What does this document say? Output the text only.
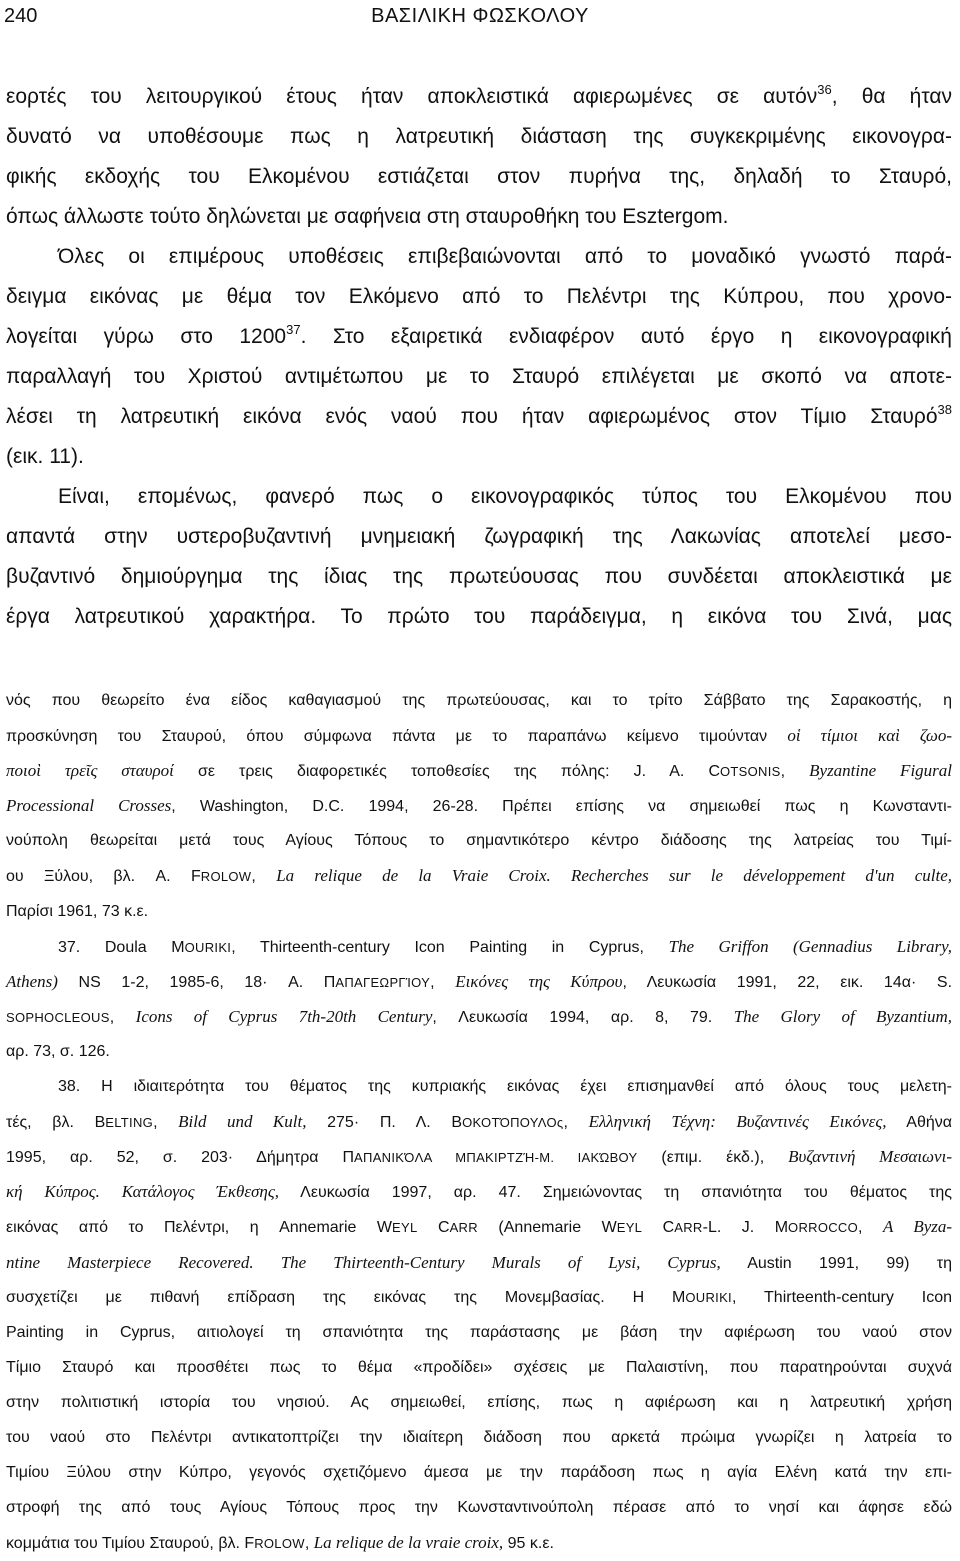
240	ΒΑΣΙΛΙΚΗ ΦΩΣΚΟΛΟΥ
εορτές του λειτουργικού έτους ήταν αποκλειστικά αφιερωμένες σε αυτόν$^{36}$, θα ήταν
δυνατό να υποθέσουμε πως η λατρευτική διάσταση της συγκεκριμένης εικονογρα-
φικής εκδοχής του Ελκομένου εστιάζεται στον πυρήνα της, δηλαδή το Σταυρό,
όπως άλλωστε τούτο δηλώνεται με σαφήνεια στη σταυροθήκη του Esztergom.
Όλες οι επιμέρους υποθέσεις επιβεβαιώνονται από το μοναδικό γνωστό παρά-
δειγμα εικόνας με θέμα τον Ελκόμενο από το Πελέντρι της Κύπρου, που χρονο-
λογείται γύρω στο 1200$^{37}$. Στο εξαιρετικά ενδιαφέρον αυτό έργο η εικονογραφική
παραλλαγή του Χριστού αντιμέτωπου με το Σταυρό επιλέγεται με σκοπό να αποτε-
λέσει τη λατρευτική εικόνα ενός ναού που ήταν αφιερωμένος στον Τίμιο Σταυρό$^{38}$
(εικ. 11).
Είναι, επομένως, φανερό πως ο εικονογραφικός τύπος του Ελκομένου που
απαντά στην υστεροβυζαντινή μνημειακή ζωγραφική της Λακωνίας αποτελεί μεσο-
βυζαντινό δημιούργημα της ίδιας της πρωτεύουσας που συνδέεται αποκλειστικά με
έργα λατρευτικού χαρακτήρα. Το πρώτο του παράδειγμα, η εικόνα του Σινά, μας
νός που θεωρείτο ένα είδος καθαγιασμού της πρωτεύουσας, και το τρίτο Σάββατο της Σαρακοστής, η
προσκύνηση του Σταυρού, όπου σύμφωνα πάντα με το παραπάνω κείμενο τιμούνταν οἱ τίμιοι καὶ ζωο-
ποιοὶ τρεῖς σταυροί σε τρεις διαφορετικές τοποθεσίες της πόλης: J. A. COTSONIS, Byzantine Figural
Processional Crosses, Washington, D.C. 1994, 26-28. Πρέπει επίσης να σημειωθεί πως η Κωνσταντι-
νούπολη θεωρείται μετά τους Αγίους Τόπους το σημαντικότερο κέντρο διάδοσης της λατρείας του Τιμί-
ου Ξύλου, βλ. A. FROLOW, La relique de la Vraie Croix. Recherches sur le développement d'un culte,
Παρίσι 1961, 73 κ.ε.
37. Doula MOURIKI, Thirteenth-century Icon Painting in Cyprus, The Griffon (Gennadius Library,
Athens) NS 1-2, 1985-6, 18· Α. ΠΑΠΑΓΕΩΡΓΊΟΥ, Εικόνες της Κύπρου, Λευκωσία 1991, 22, εικ. 14α· S.
SOPHOCLEOUS, Icons of Cyprus 7th-20th Century, Λευκωσία 1994, αρ. 8, 79. The Glory of Byzantium,
αρ. 73, σ. 126.
38. Η ιδιαιτερότητα του θέματος της κυπριακής εικόνας έχει επισημανθεί από όλους τους μελετη-
τές, βλ. BELTING, Bild und Kult, 275· Π. Λ. ΒΟΚΟΤΌΠΟΥΛΟς, Ελληνική Τέχνη: Βυζαντινές Εικόνες, Αθήνα
1995, αρ. 52, σ. 203· Δήμητρα ΠΑΠΑΝΙΚΌΛΑ ΜΠΑΚΙΡΤΖΉ-Μ. ΙΑΚΏΒΟΥ (επιμ. έκδ.), Βυζαντινή Μεσαιωνι-
κή Κύπρος. Κατάλογος Έκθεσης, Λευκωσία 1997, αρ. 47. Σημειώνοντας τη σπανιότητα του θέματος της
εικόνας από το Πελέντρι, η Annemarie WEYL CARR (Annemarie WEYL CARR-L. J. MORROCCO, A Byza-
ntine Masterpiece Recovered. The Thirteenth-Century Murals of Lysi, Cyprus, Austin 1991, 99) τη
συσχετίζει με πιθανή επίδραση της εικόνας της Μονεμβασίας. Η MOURIKI, Thirteenth-century Icon
Painting in Cyprus, αιτιολογεί τη σπανιότητα της παράστασης με βάση την αφιέρωση του ναού στον
Τίμιο Σταυρό και προσθέτει πως το θέμα «προδίδει» σχέσεις με Παλαιστίνη, που παρατηρούνται συχνά
στην πολιτιστική ιστορία του νησιού. Ας σημειωθεί, επίσης, πως η αφιέρωση και η λατρευτική χρήση
του ναού στο Πελέντρι αντικατοπτρίζει την ιδιαίτερη διάδοση που αρκετά πρώιμα γνωρίζει η λατρεία το
Τιμίου Ξύλου στην Κύπρο, γεγονός σχετιζόμενο άμεσα με την παράδοση πως η αγία Ελένη κατά την επι-
στροφή της από τους Αγίους Τόπους προς την Κωνσταντινούπολη πέρασε από το νησί και άφησε εδώ
κομμάτια του Τιμίου Σταυρού, βλ. FROLOW, La relique de la vraie croix, 95 κ.ε.
